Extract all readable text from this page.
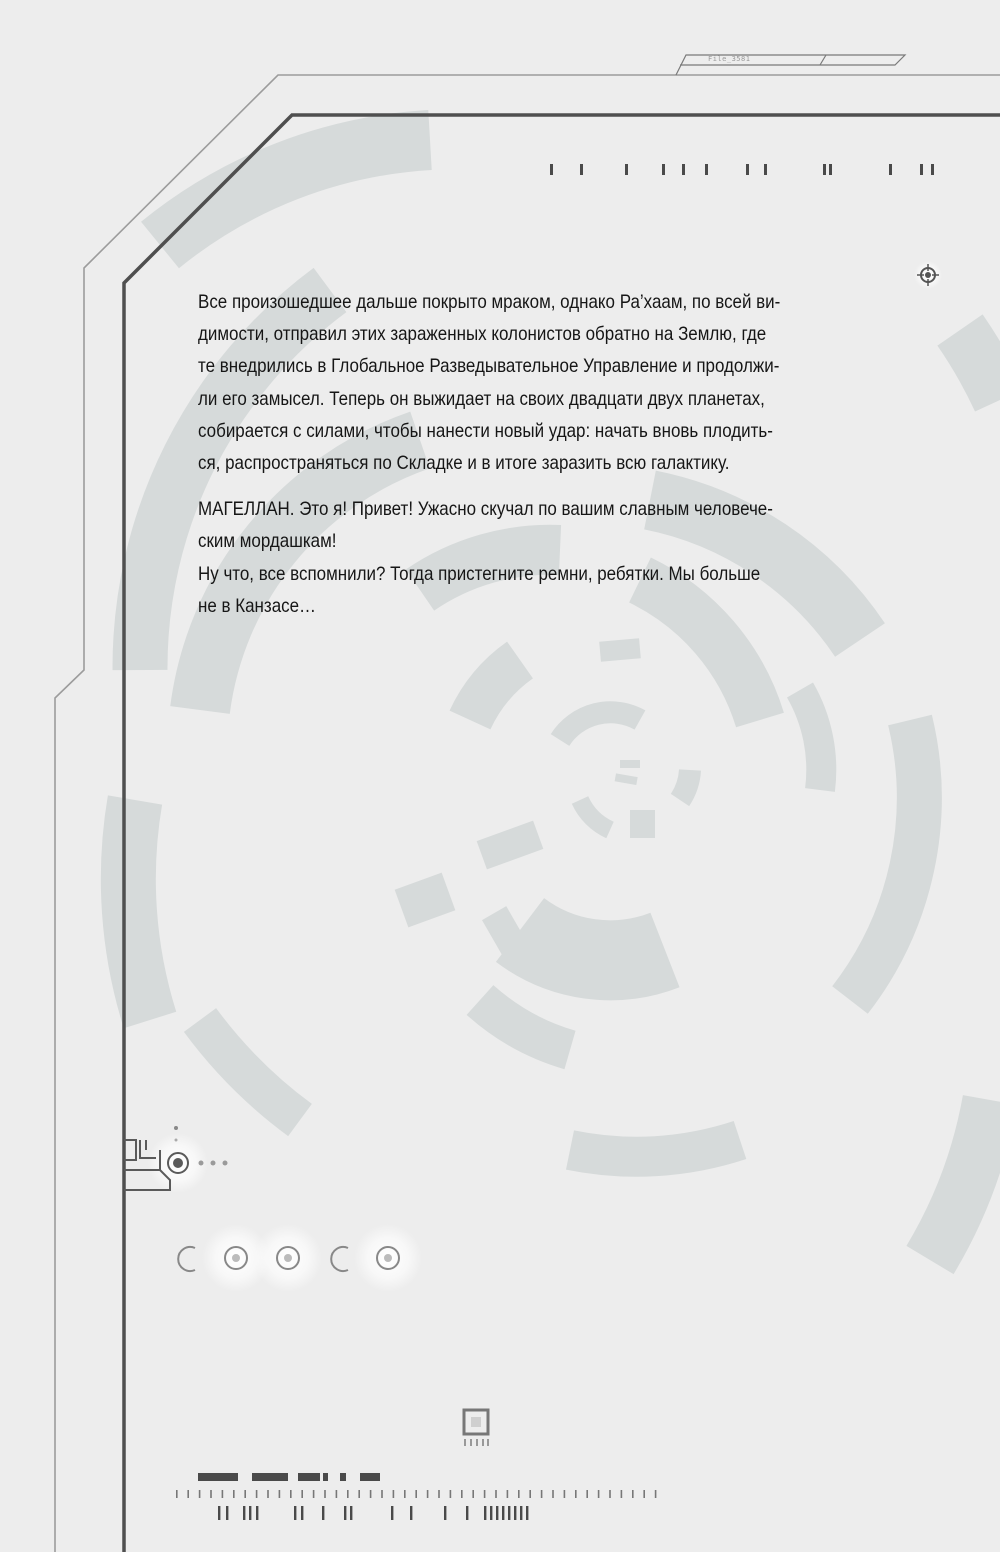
File_3581

Все произошедшее дальше покрыто мраком, однако Ра’хаам, по всей ви-
димости, отправил этих зараженных колонистов обратно на Землю, где
те внедрились в Глобальное Разведывательное Управление и продолжи-
ли его замысел. Теперь он выжидает на своих двадцати двух планетах,
собирается с силами, чтобы нанести новый удар: начать вновь плодить-
ся, распространяться по Складке и в итоге заразить всю галактику.

МАГЕЛЛАН. Это я! Привет! Ужасно скучал по вашим славным человече-
ским мордашкам!
Ну что, все вспомнили? Тогда пристегните ремни, ребятки. Мы больше
не в Канзасе…
